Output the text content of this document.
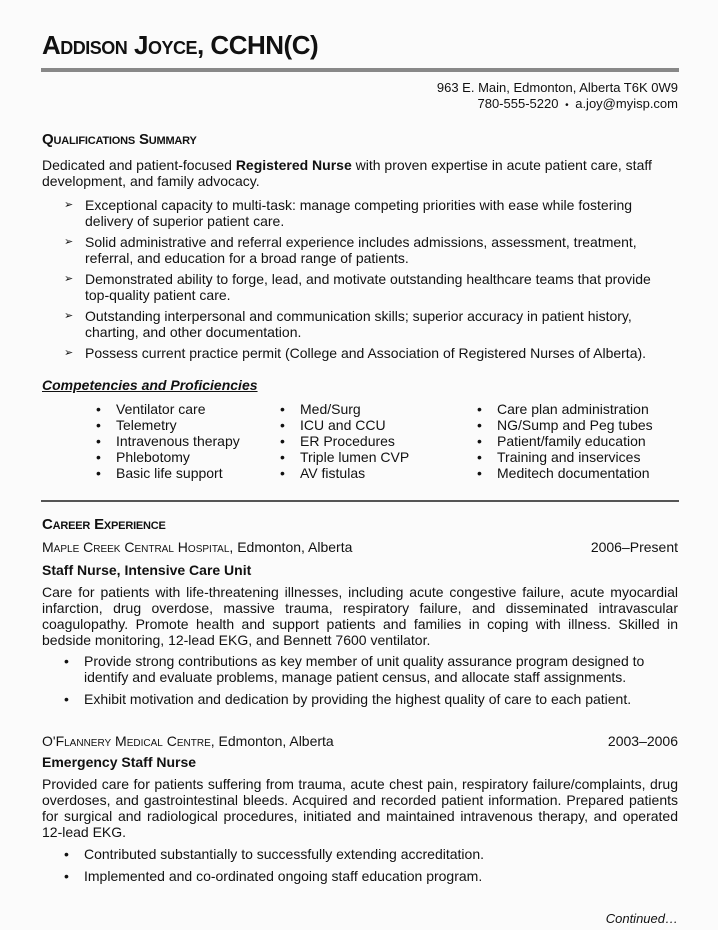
Addison Joyce, CCHN(C)
963 E. Main, Edmonton, Alberta T6K 0W9
780-555-5220 • a.joy@myisp.com
Qualifications Summary
Dedicated and patient-focused Registered Nurse with proven expertise in acute patient care, staff development, and family advocacy.
➢ Exceptional capacity to multi-task: manage competing priorities with ease while fostering delivery of superior patient care.
➢ Solid administrative and referral experience includes admissions, assessment, treatment, referral, and education for a broad range of patients.
➢ Demonstrated ability to forge, lead, and motivate outstanding healthcare teams that provide top-quality patient care.
➢ Outstanding interpersonal and communication skills; superior accuracy in patient history, charting, and other documentation.
➢ Possess current practice permit (College and Association of Registered Nurses of Alberta).
Competencies and Proficiencies
• Ventilator care
• Telemetry
• Intravenous therapy
• Phlebotomy
• Basic life support
• Med/Surg
• ICU and CCU
• ER Procedures
• Triple lumen CVP
• AV fistulas
• Care plan administration
• NG/Sump and Peg tubes
• Patient/family education
• Training and inservices
• Meditech documentation
Career Experience
Maple Creek Central Hospital, Edmonton, Alberta	2006–Present
Staff Nurse, Intensive Care Unit
Care for patients with life-threatening illnesses, including acute congestive failure, acute myocardial infarction, drug overdose, massive trauma, respiratory failure, and disseminated intravascular coagulopathy. Promote health and support patients and families in coping with illness. Skilled in bedside monitoring, 12-lead EKG, and Bennett 7600 ventilator.
• Provide strong contributions as key member of unit quality assurance program designed to identify and evaluate problems, manage patient census, and allocate staff assignments.
• Exhibit motivation and dedication by providing the highest quality of care to each patient.
O'Flannery Medical Centre, Edmonton, Alberta	2003–2006
Emergency Staff Nurse
Provided care for patients suffering from trauma, acute chest pain, respiratory failure/complaints, drug overdoses, and gastrointestinal bleeds. Acquired and recorded patient information. Prepared patients for surgical and radiological procedures, initiated and maintained intravenous therapy, and operated 12-lead EKG.
• Contributed substantially to successfully extending accreditation.
• Implemented and co-ordinated ongoing staff education program.
Continued…
